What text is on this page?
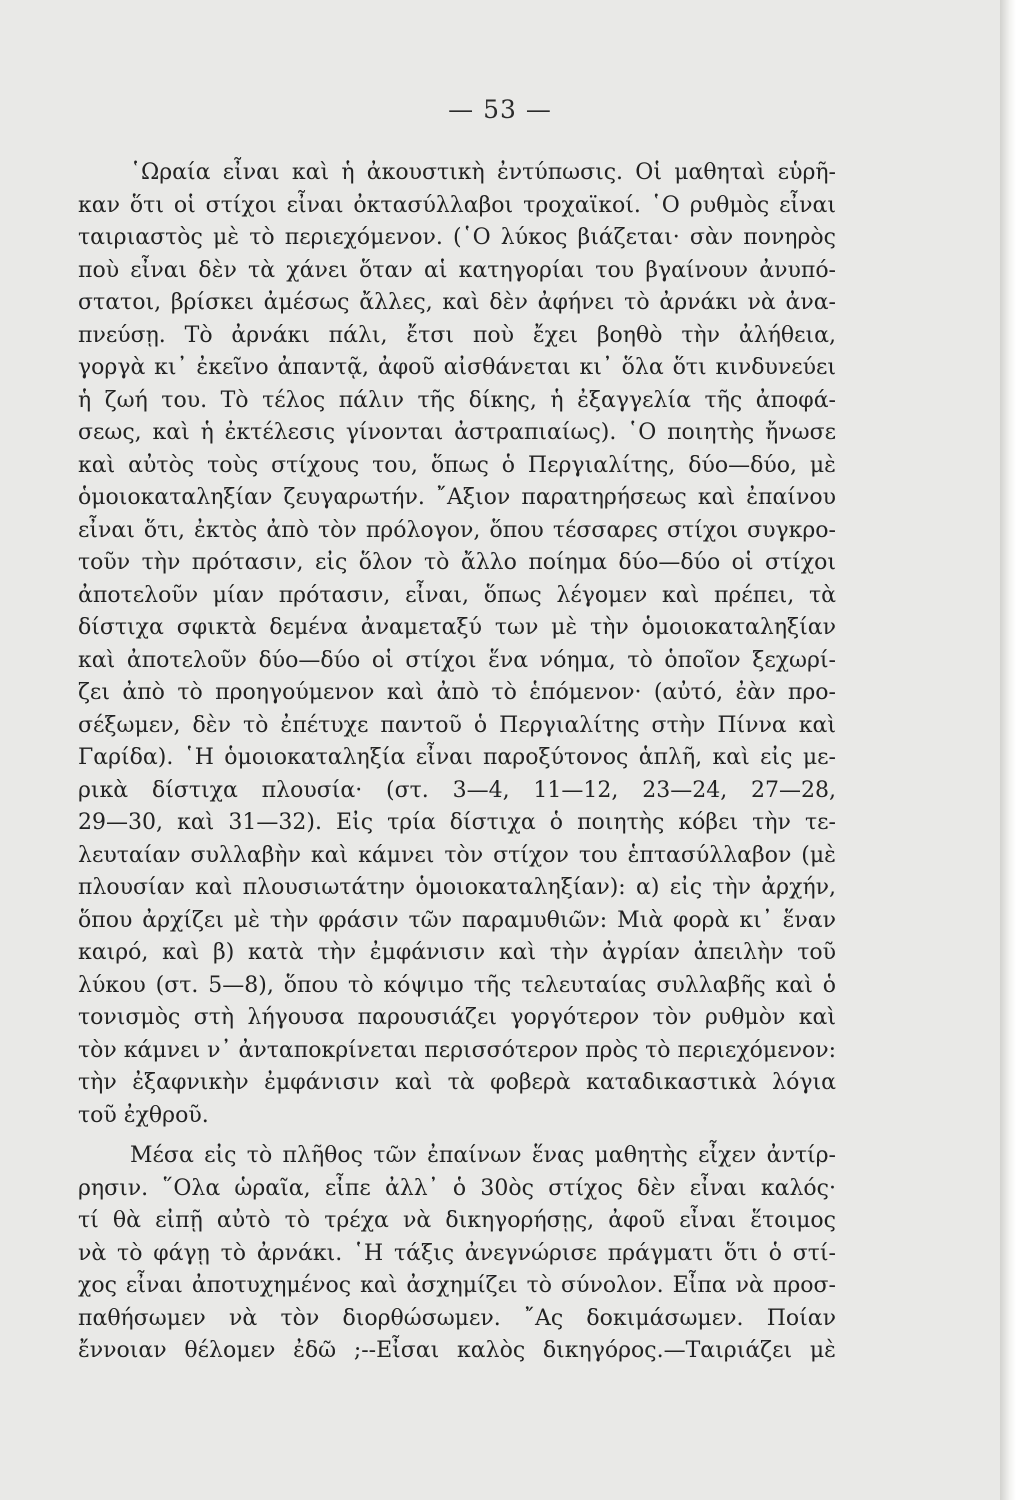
— 53 —

῾Ωραία εἶναι καὶ ἡ ἀκουστικὴ ἐντύπωσις. Οἱ μαθηταὶ εὑρῆ-
καν ὅτι οἱ στίχοι εἶναι ὀκτασύλλαβοι τροχαϊκοί. ῾Ο ρυθμὸς εἶναι
ταιριαστὸς μὲ τὸ περιεχόμενον. (῾Ο λύκος βιάζεται· σὰν πονηρὸς
ποὺ εἶναι δὲν τὰ χάνει ὅταν αἱ κατηγορίαι του βγαίνουν ἀνυπό-
στατοι, βρίσκει ἀμέσως ἄλλες, καὶ δὲν ἀφήνει τὸ ἀρνάκι νὰ ἀνα-
πνεύσῃ. Τὸ ἀρνάκι πάλι, ἔτσι ποὺ ἔχει βοηθὸ τὴν ἀλήθεια,
γοργὰ κι᾿ ἐκεῖνο ἀπαντᾷ, ἀφοῦ αἰσθάνεται κι᾿ ὅλα ὅτι κινδυνεύει
ἡ ζωή του. Τὸ τέλος πάλιν τῆς δίκης, ἡ ἐξαγγελία τῆς ἀποφά-
σεως, καὶ ἡ ἐκτέλεσις γίνονται ἀστραπιαίως). ῾Ο ποιητὴς ἤνωσε
καὶ αὐτὸς τοὺς στίχους του, ὅπως ὁ Περγιαλίτης, δύο—δύο, μὲ
ὁμοιοκαταληξίαν ζευγαρωτήν. ῎Αξιον παρατηρήσεως καὶ ἐπαίνου
εἶναι ὅτι, ἐκτὸς ἀπὸ τὸν πρόλογον, ὅπου τέσσαρες στίχοι συγκρο-
τοῦν τὴν πρότασιν, εἰς ὅλον τὸ ἄλλο ποίημα δύο—δύο οἱ στίχοι
ἀποτελοῦν μίαν πρότασιν, εἶναι, ὅπως λέγομεν καὶ πρέπει, τὰ
δίστιχα σφικτὰ δεμένα ἀναμεταξύ των μὲ τὴν ὁμοιοκαταληξίαν
καὶ ἀποτελοῦν δύο—δύο οἱ στίχοι ἕνα νόημα, τὸ ὁποῖον ξεχωρί-
ζει ἀπὸ τὸ προηγούμενον καὶ ἀπὸ τὸ ἑπόμενον· (αὐτό, ἐὰν προ-
σέξωμεν, δὲν τὸ ἐπέτυχε παντοῦ ὁ Περγιαλίτης στὴν Πίννα καὶ
Γαρίδα). ῾Η ὁμοιοκαταληξία εἶναι παροξύτονος ἁπλῆ, καὶ εἰς με-
ρικὰ δίστιχα πλουσία· (στ. 3—4, 11—12, 23—24, 27—28,
29—30, καὶ 31—32). Εἰς τρία δίστιχα ὁ ποιητὴς κόβει τὴν τε-
λευταίαν συλλαβὴν καὶ κάμνει τὸν στίχον του ἑπτασύλλαβον (μὲ
πλουσίαν καὶ πλουσιωτάτην ὁμοιοκαταληξίαν): α) εἰς τὴν ἀρχήν,
ὅπου ἀρχίζει μὲ τὴν φράσιν τῶν παραμυθιῶν: Μιὰ φορὰ κι᾿ ἕναν
καιρό, καὶ β) κατὰ τὴν ἐμφάνισιν καὶ τὴν ἀγρίαν ἀπειλὴν τοῦ
λύκου (στ. 5—8), ὅπου τὸ κόψιμο τῆς τελευταίας συλλαβῆς καὶ ὁ
τονισμὸς στὴ λήγουσα παρουσιάζει γοργότερον τὸν ρυθμὸν καὶ
τὸν κάμνει ν᾿ ἀνταποκρίνεται περισσότερον πρὸς τὸ περιεχόμενον:
τὴν ἐξαφνικὴν ἐμφάνισιν καὶ τὰ φοβερὰ καταδικαστικὰ λόγια
τοῦ ἐχθροῦ.
Μέσα εἰς τὸ πλῆθος τῶν ἐπαίνων ἕνας μαθητὴς εἶχεν ἀντίρ-
ρησιν. ῞Ολα ὡραῖα, εἶπε ἀλλ᾿ ὁ 30ὸς στίχος δὲν εἶναι καλός·
τί θὰ εἰπῇ αὐτὸ τὸ τρέχα νὰ δικηγορήσῃς, ἀφοῦ εἶναι ἕτοιμος
νὰ τὸ φάγῃ τὸ ἀρνάκι. ῾Η τάξις ἀνεγνώρισε πράγματι ὅτι ὁ στί-
χος εἶναι ἀποτυχημένος καὶ ἀσχημίζει τὸ σύνολον. Εἶπα νὰ προσ-
παθήσωμεν νὰ τὸν διορθώσωμεν. ῎Ας δοκιμάσωμεν. Ποίαν
ἔννοιαν θέλομεν ἐδῶ ;--Εἶσαι καλὸς δικηγόρος.—Ταιριάζει μὲ
